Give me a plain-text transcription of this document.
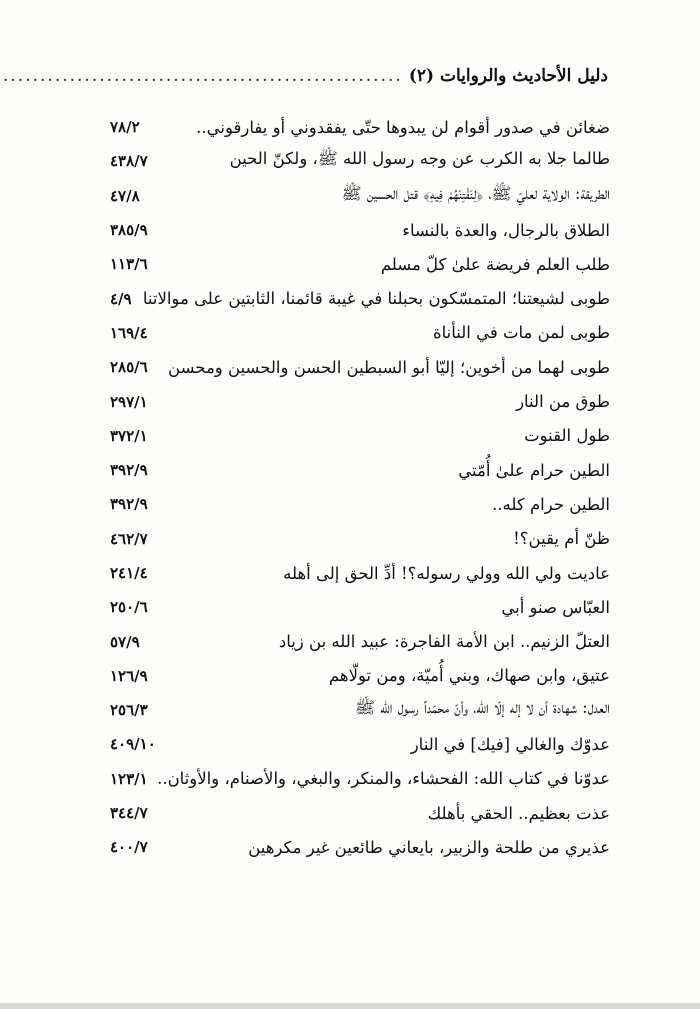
دليل الأحاديث والروايات (٢)
.....
ضغائن في صدور أقوام لن يبدوها حتّى يفقدوني أو يفارقوني..
٧٨/٢
طالما جلا به الكرب عن وجه رسول الله ﷺ، ولكنّ الحين
٤٣٨/٧
الطريقة: الولاية لعليّ ﷺ، ﴿لِنَفْتِنَهُمْ فِيهِ﴾ قتل الحسين ﷺ
٤٧/٨
الطلاق بالرجال، والعدة بالنساء
٣٨٥/٩
طلب العلم فريضة علىٰ كلّ مسلم
١١٣/٦
طوبى لشيعتنا؛ المتمسّكون بحبلنا في غيبة قائمنا، الثابتين على موالاتنا
٤/٩
طوبى لمن مات في النأناة
١٦٩/٤
طوبى لهما من أخوين؛ إليّا أبو السبطين الحسن والحسين ومحسن
٢٨٥/٦
طوق من النار
٢٩٧/١
طول القنوت
٣٧٢/١
الطين حرام علىٰ أُمّتي
٣٩٢/٩
الطين حرام كله..
٣٩٢/٩
ظنّ أم يقين؟!
٤٦٢/٧
عاديت ولي الله وولي رسوله؟! أدِّ الحق إلى أهله
٢٤١/٤
العبّاس صنو أبي
٢٥٠/٦
العتلّ الزنيم.. ابن الأمة الفاجرة: عبيد الله بن زياد
٥٧/٩
عتيق، وابن صهاك، وبني أُميّة، ومن تولّاهم
١٢٦/٩
العدل: شهادة أن لا إله إلّا الله، وأنّ محمّداً رسول الله ﷺ
٢٥٦/٣
عدوّك والغالي [فيك] في النار
٤٠٩/١٠
عدوّنا في كتاب الله: الفحشاء، والمنكر، والبغي، والأصنام، والأوثان..
١٢٣/١
عذت بعظيم.. الحقي بأهلك
٣٤٤/٧
عذيري من طلحة والزبير، بايعاني طائعين غير مكرهين
٤٠٠/٧
